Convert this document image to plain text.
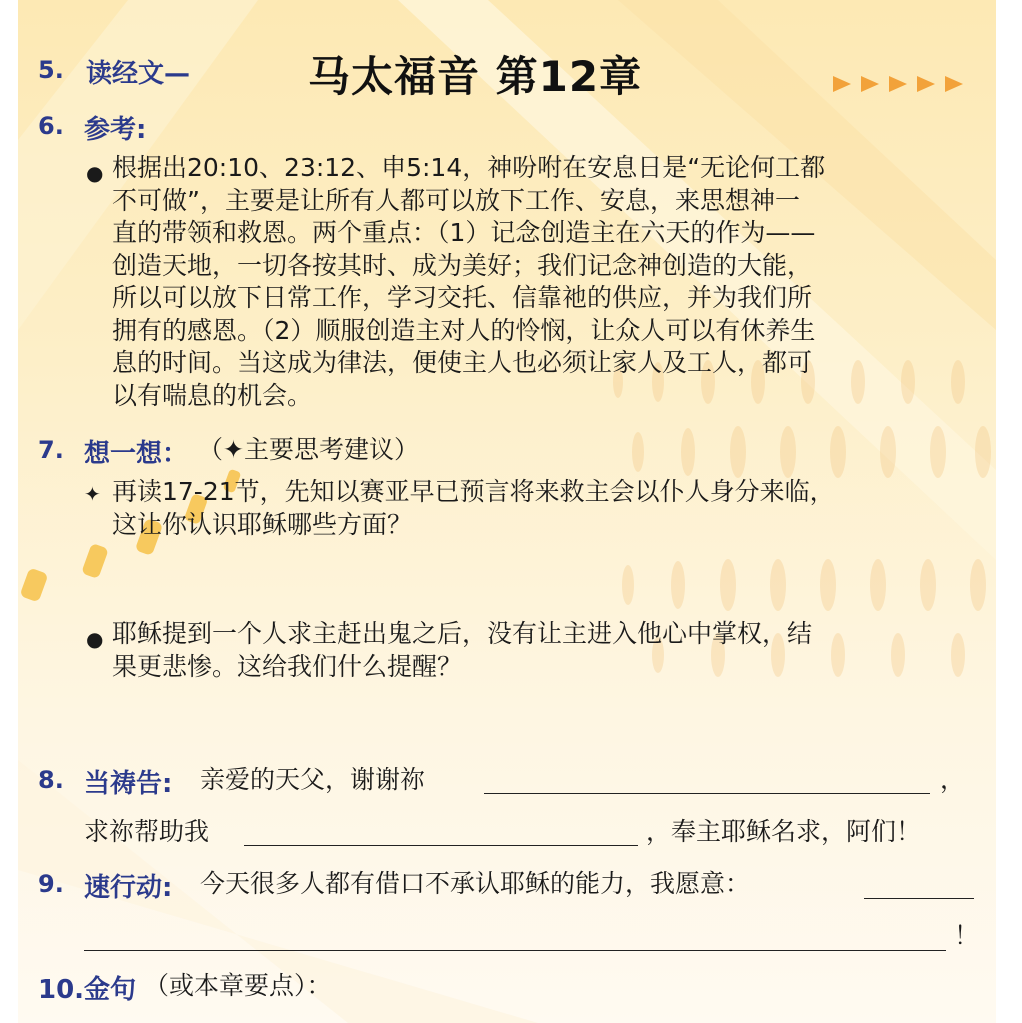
马太福音 第12章
5. 读经文—
6. 参考:
● 根据出20:10、23:12、申5:14，神吩咐在安息日是“无论何工都
不可做”，主要是让所有人都可以放下工作、安息，来思想神一
直的带领和救恩。两个重点：（1）记念创造主在六天的作为——
创造天地，一切各按其时、成为美好；我们记念神创造的大能，
所以可以放下日常工作，学习交托、信靠祂的供应，并为我们所
拥有的感恩。（2）顺服创造主对人的怜悯，让众人可以有休养生
息的时间。当这成为律法，便使主人也必须让家人及工人，都可
以有喘息的机会。
7. 想一想： （✦主要思考建议）
✦ 再读17-21节，先知以赛亚早已预言将来救主会以仆人身分来临，
这让你认识耶稣哪些方面？
● 耶稣提到一个人求主赶出鬼之后，没有让主进入他心中掌权，结
果更悲惨。这给我们什么提醒？
8. 当祷告: 亲爱的天父，谢谢祢	，
求祢帮助我	，奉主耶稣名求，阿们！
9. 速行动: 今天很多人都有借口不承认耶稣的能力，我愿意：
！
10.金句 （或本章要点）：
